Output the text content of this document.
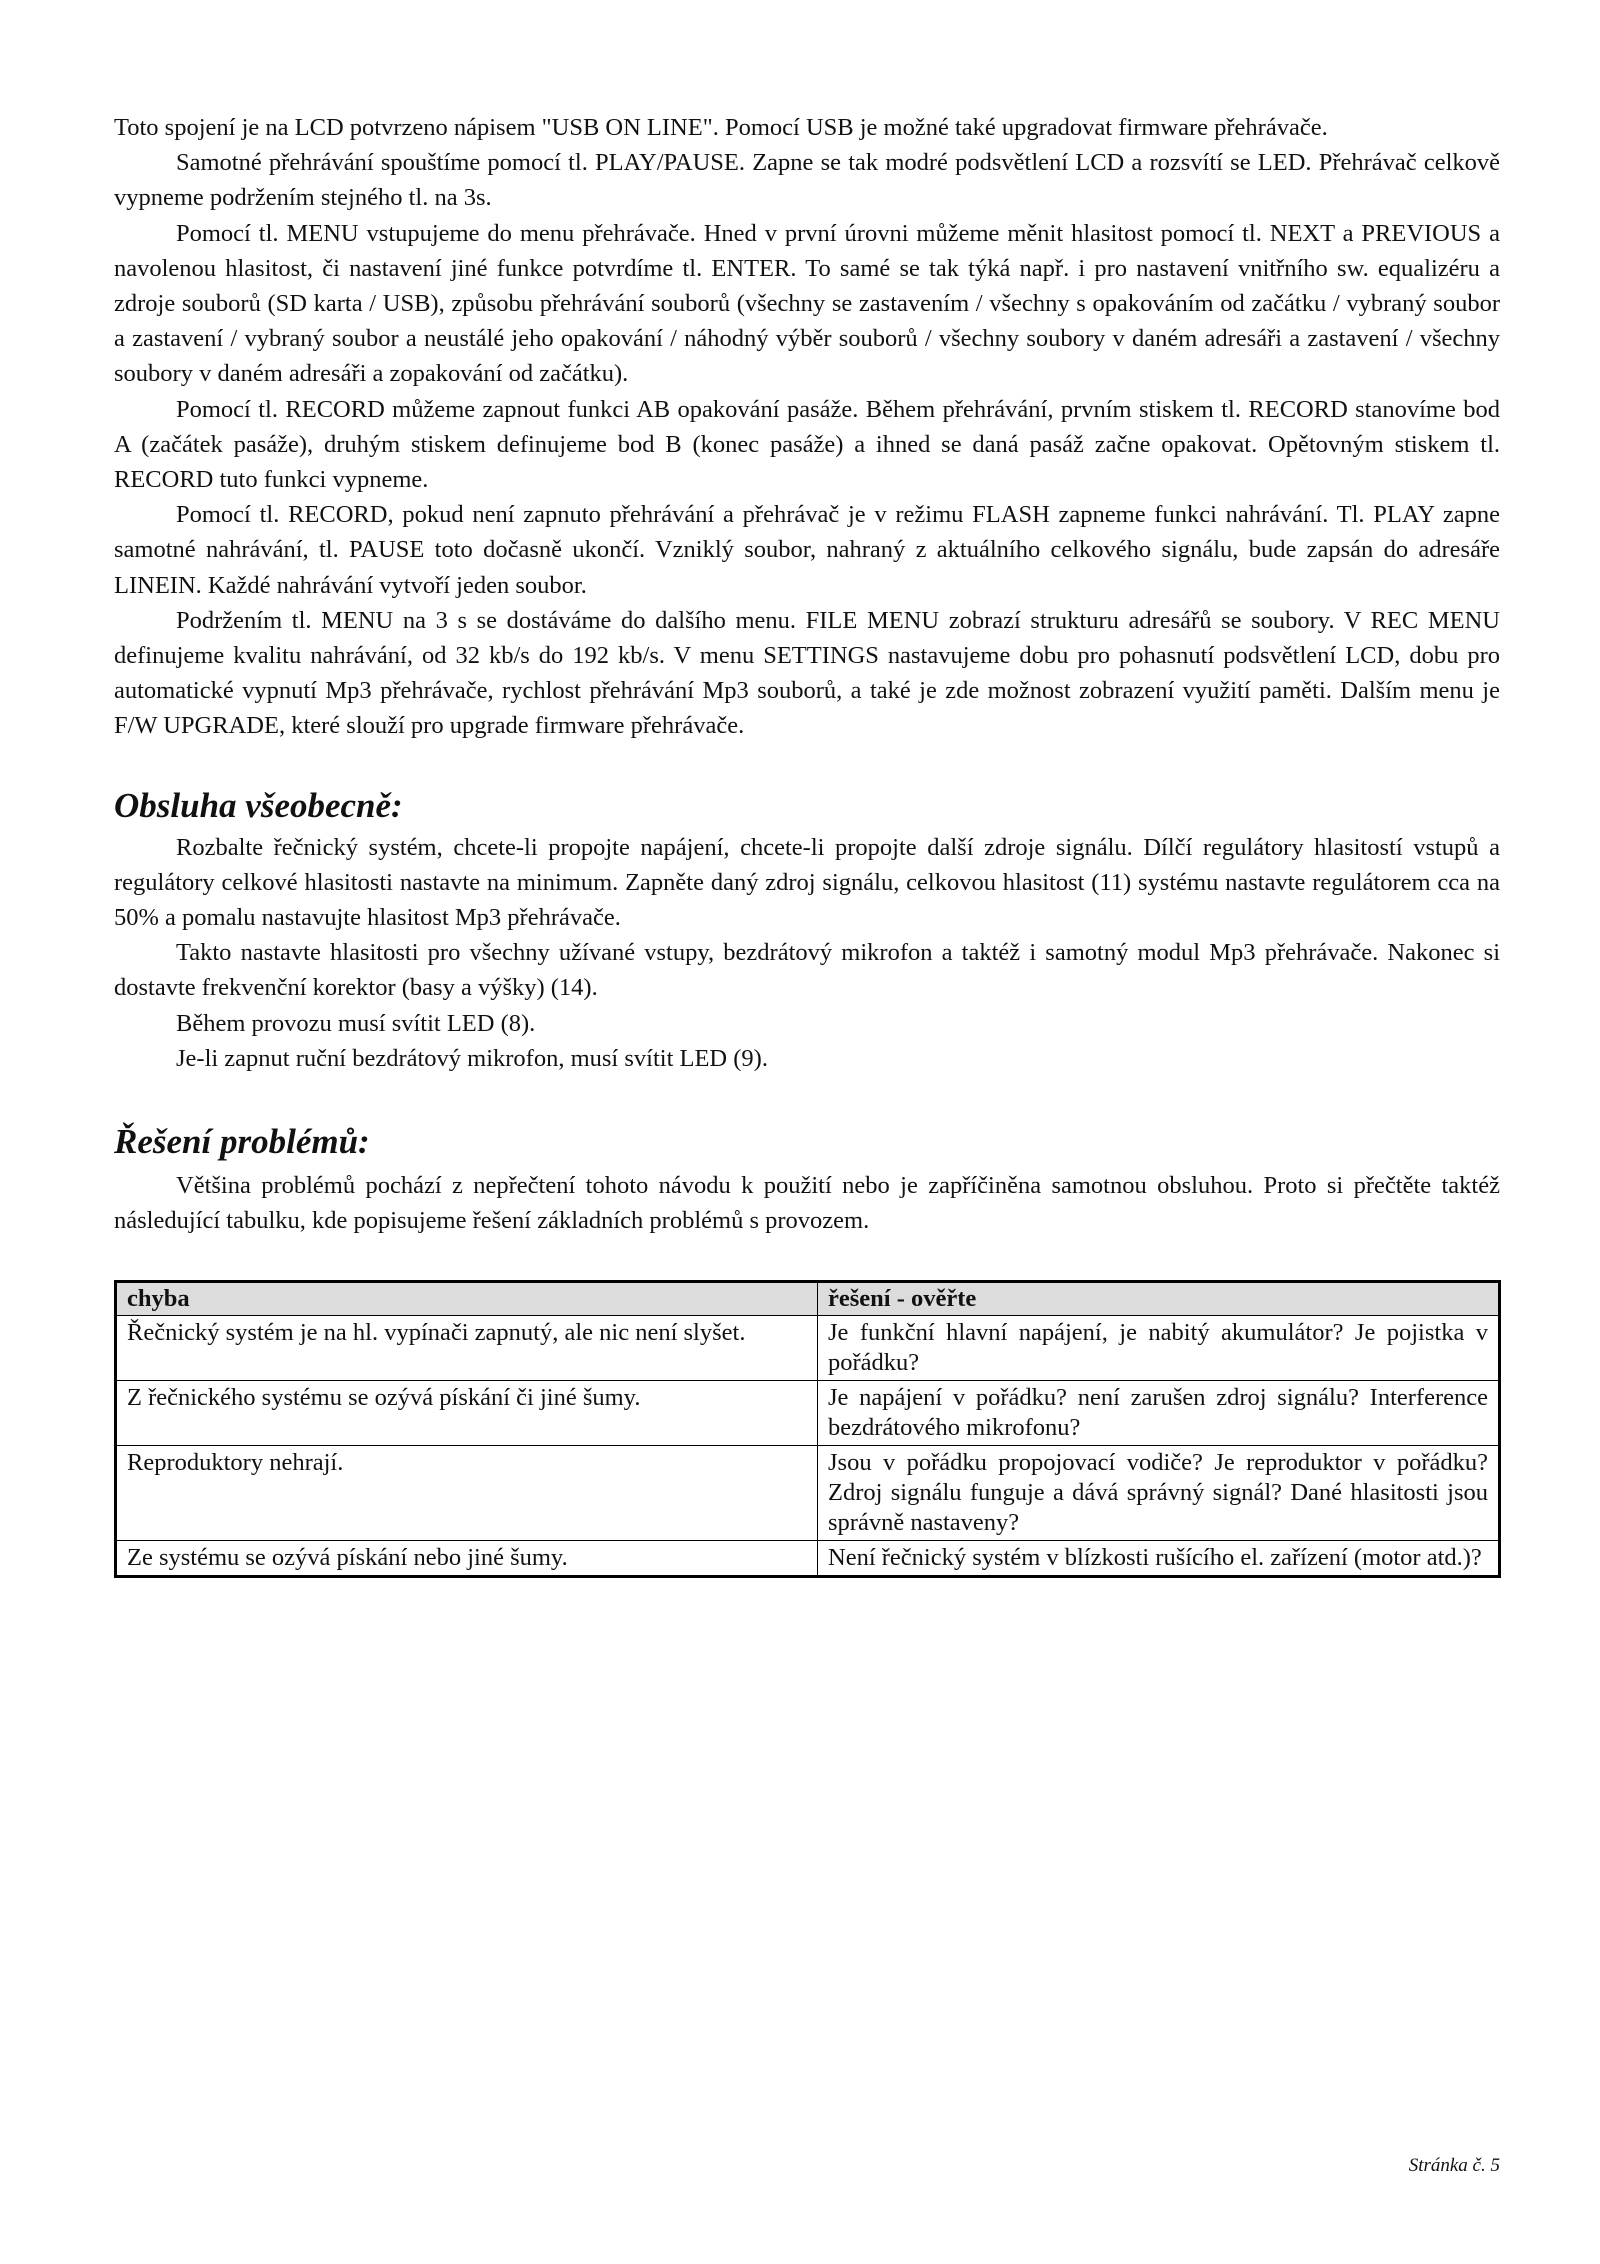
Toto spojení je na LCD potvrzeno nápisem "USB ON LINE". Pomocí USB je možné také upgradovat firmware přehrávače.

Samotné přehrávání spouštíme pomocí tl. PLAY/PAUSE. Zapne se tak modré podsvětlení LCD a rozsvítí se LED. Přehrávač celkově vypneme podržením stejného tl. na 3s.

Pomocí tl. MENU vstupujeme do menu přehrávače. Hned v první úrovni můžeme měnit hlasitost pomocí tl. NEXT a PREVIOUS a navolenou hlasitost, či nastavení jiné funkce potvrdíme tl. ENTER. To samé se tak týká např. i pro nastavení vnitřního sw. equalizéru a zdroje souborů (SD karta / USB), způsobu přehrávání souborů (všechny se zastavením / všechny s opakováním od začátku / vybraný soubor a zastavení / vybraný soubor a neustálé jeho opakování / náhodný výběr souborů / všechny soubory v daném adresáři a zastavení / všechny soubory v daném adresáři a zopakování od začátku).

Pomocí tl. RECORD můžeme zapnout funkci AB opakování pasáže. Během přehrávání, prvním stiskem tl. RECORD stanovíme bod A (začátek pasáže), druhým stiskem definujeme bod B (konec pasáže) a ihned se daná pasáž začne opakovat. Opětovným stiskem tl. RECORD tuto funkci vypneme.

Pomocí tl. RECORD, pokud není zapnuto přehrávání a přehrávač je v režimu FLASH zapneme funkci nahrávání. Tl. PLAY zapne samotné nahrávání, tl. PAUSE toto dočasně ukončí. Vzniklý soubor, nahraný z aktuálního celkového signálu, bude zapsán do adresáře LINEIN. Každé nahrávání vytvoří jeden soubor.

Podržením tl. MENU na 3 s se dostáváme do dalšího menu. FILE MENU zobrazí strukturu adresářů se soubory. V REC MENU definujeme kvalitu nahrávání, od 32 kb/s do 192 kb/s. V menu SETTINGS nastavujeme dobu pro pohasnutí podsvětlení LCD, dobu pro automatické vypnutí Mp3 přehrávače, rychlost přehrávání Mp3 souborů, a také je zde možnost zobrazení využití paměti. Dalším menu je F/W UPGRADE, které slouží pro upgrade firmware přehrávače.

Obsluha všeobecně:

Rozbalte řečnický systém, chcete-li propojte napájení, chcete-li propojte další zdroje signálu. Dílčí regulátory hlasitostí vstupů a regulátory celkové hlasitosti nastavte na minimum. Zapněte daný zdroj signálu, celkovou hlasitost (11) systému nastavte regulátorem cca na 50% a pomalu nastavujte hlasitost Mp3 přehrávače.

Takto nastavte hlasitosti pro všechny užívané vstupy, bezdrátový mikrofon a taktéž i samotný modul Mp3 přehrávače. Nakonec si dostavte frekvenční korektor (basy a výšky) (14).

Během provozu musí svítit LED (8).

Je-li zapnut ruční bezdrátový mikrofon, musí svítit LED (9).

Řešení problémů:

Většina problémů pochází z nepřečtení tohoto návodu k použití nebo je zapříčiněna samotnou obsluhou. Proto si přečtěte taktéž následující tabulku, kde popisujeme řešení základních problémů s provozem.

chyba	řešení - ověřte
Řečnický systém je na hl. vypínači zapnutý, ale nic není slyšet.	Je funkční hlavní napájení, je nabitý akumulátor? Je pojistka v pořádku?
Z řečnického systému se ozývá pískání či jiné šumy.	Je napájení v pořádku? není zarušen zdroj signálu? Interference bezdrátového mikrofonu?
Reproduktory nehrají.	Jsou v pořádku propojovací vodiče? Je reproduktor v pořádku? Zdroj signálu funguje a dává správný signál? Dané hlasitosti jsou správně nastaveny?
Ze systému se ozývá pískání nebo jiné šumy.	Není řečnický systém v blízkosti rušícího el. zařízení (motor atd.)?
Stránka č. 5
